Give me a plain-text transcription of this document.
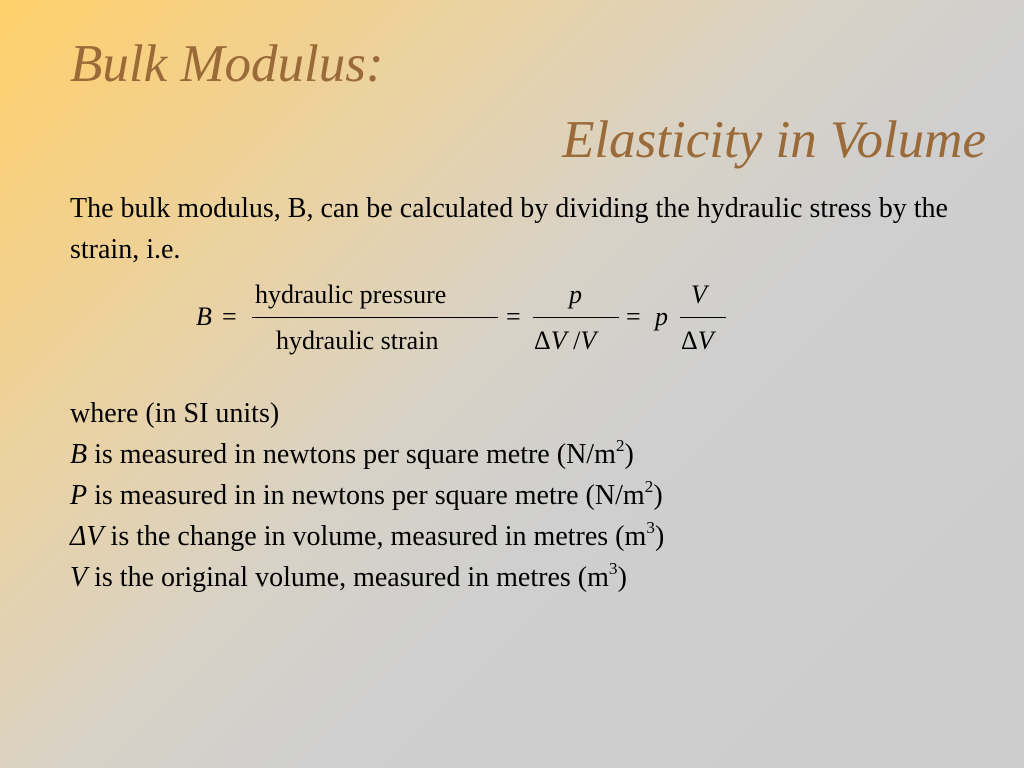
Bulk Modulus:
Elasticity in Volume
The bulk modulus, B, can be calculated by dividing the hydraulic stress by the strain, i.e.
B =
hydraulic pressure
hydraulic strain
=
p
ΔV /V
= p
V
ΔV
where (in SI units)
B is measured in newtons per square metre $(N/m^2)$
P is measured in in newtons per square metre $(N/m^2)$
ΔV is the change in volume, measured in metres $(m^3)$
V is the original volume, measured in metres $(m^3)$
